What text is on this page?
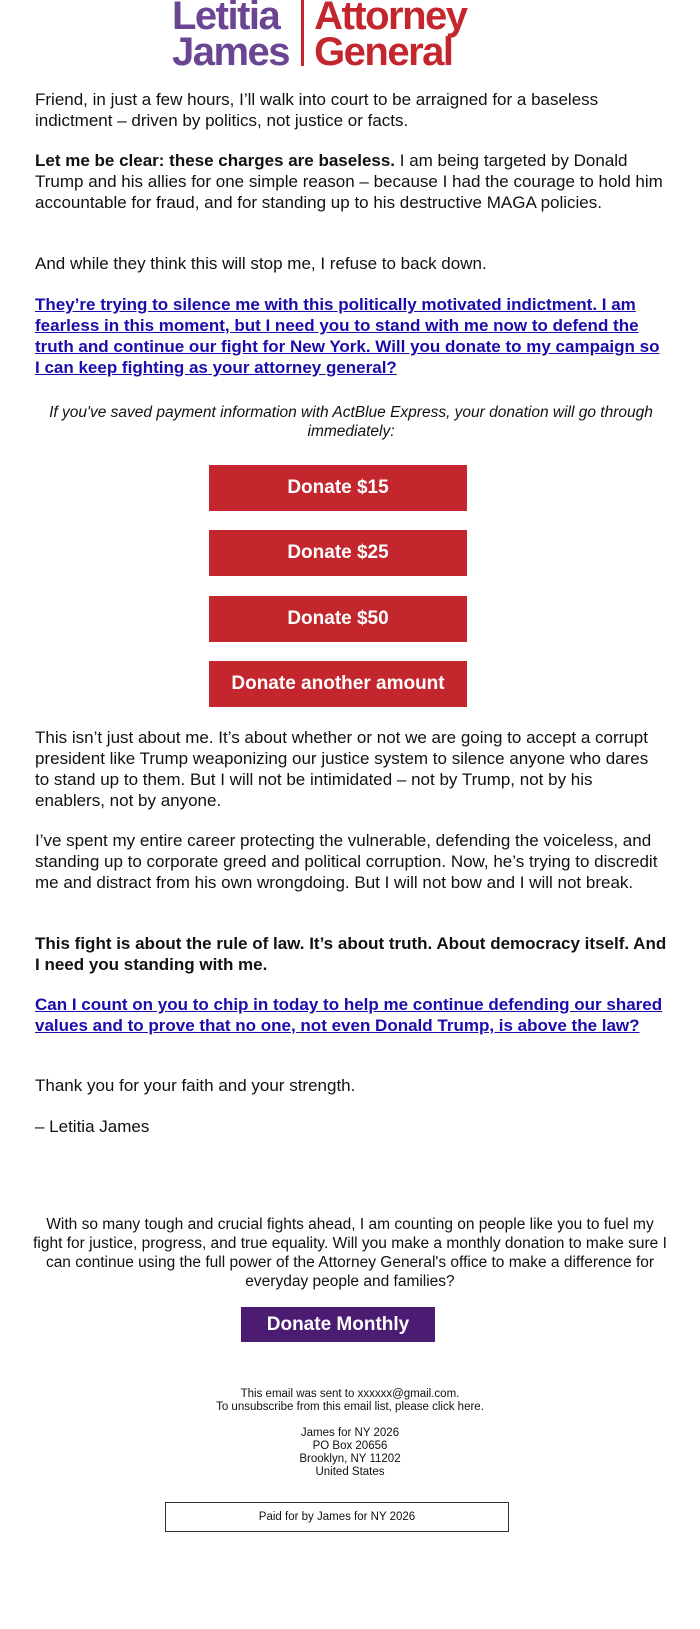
Letitia
James
Attorney
General

Friend, in just a few hours, I’ll walk into court to be arraigned for a baseless indictment – driven by politics, not justice or facts.

Let me be clear: these charges are baseless. I am being targeted by Donald Trump and his allies for one simple reason – because I had the courage to hold him accountable for fraud, and for standing up to his destructive MAGA policies.

And while they think this will stop me, I refuse to back down.

They’re trying to silence me with this politically motivated indictment. I am fearless in this moment, but I need you to stand with me now to defend the truth and continue our fight for New York. Will you donate to my campaign so I can keep fighting as your attorney general?

If you've saved payment information with ActBlue Express, your donation will go through immediately:
Donate $15
Donate $25
Donate $50
Donate another amount

This isn’t just about me. It’s about whether or not we are going to accept a corrupt president like Trump weaponizing our justice system to silence anyone who dares to stand up to them. But I will not be intimidated – not by Trump, not by his enablers, not by anyone.

I’ve spent my entire career protecting the vulnerable, defending the voiceless, and standing up to corporate greed and political corruption. Now, he’s trying to discredit me and distract from his own wrongdoing. But I will not bow and I will not break.

This fight is about the rule of law. It’s about truth. About democracy itself. And I need you standing with me.

Can I count on you to chip in today to help me continue defending our shared values and to prove that no one, not even Donald Trump, is above the law?

Thank you for your faith and your strength.

– Letitia James

With so many tough and crucial fights ahead, I am counting on people like you to fuel my fight for justice, progress, and true equality. Will you make a monthly donation to make sure I can continue using the full power of the Attorney General's office to make a difference for everyday people and families?
Donate Monthly
This email was sent to xxxxxx@gmail.com.
To unsubscribe from this email list, please click here.
James for NY 2026
PO Box 20656
Brooklyn, NY 11202
United States
Paid for by James for NY 2026
